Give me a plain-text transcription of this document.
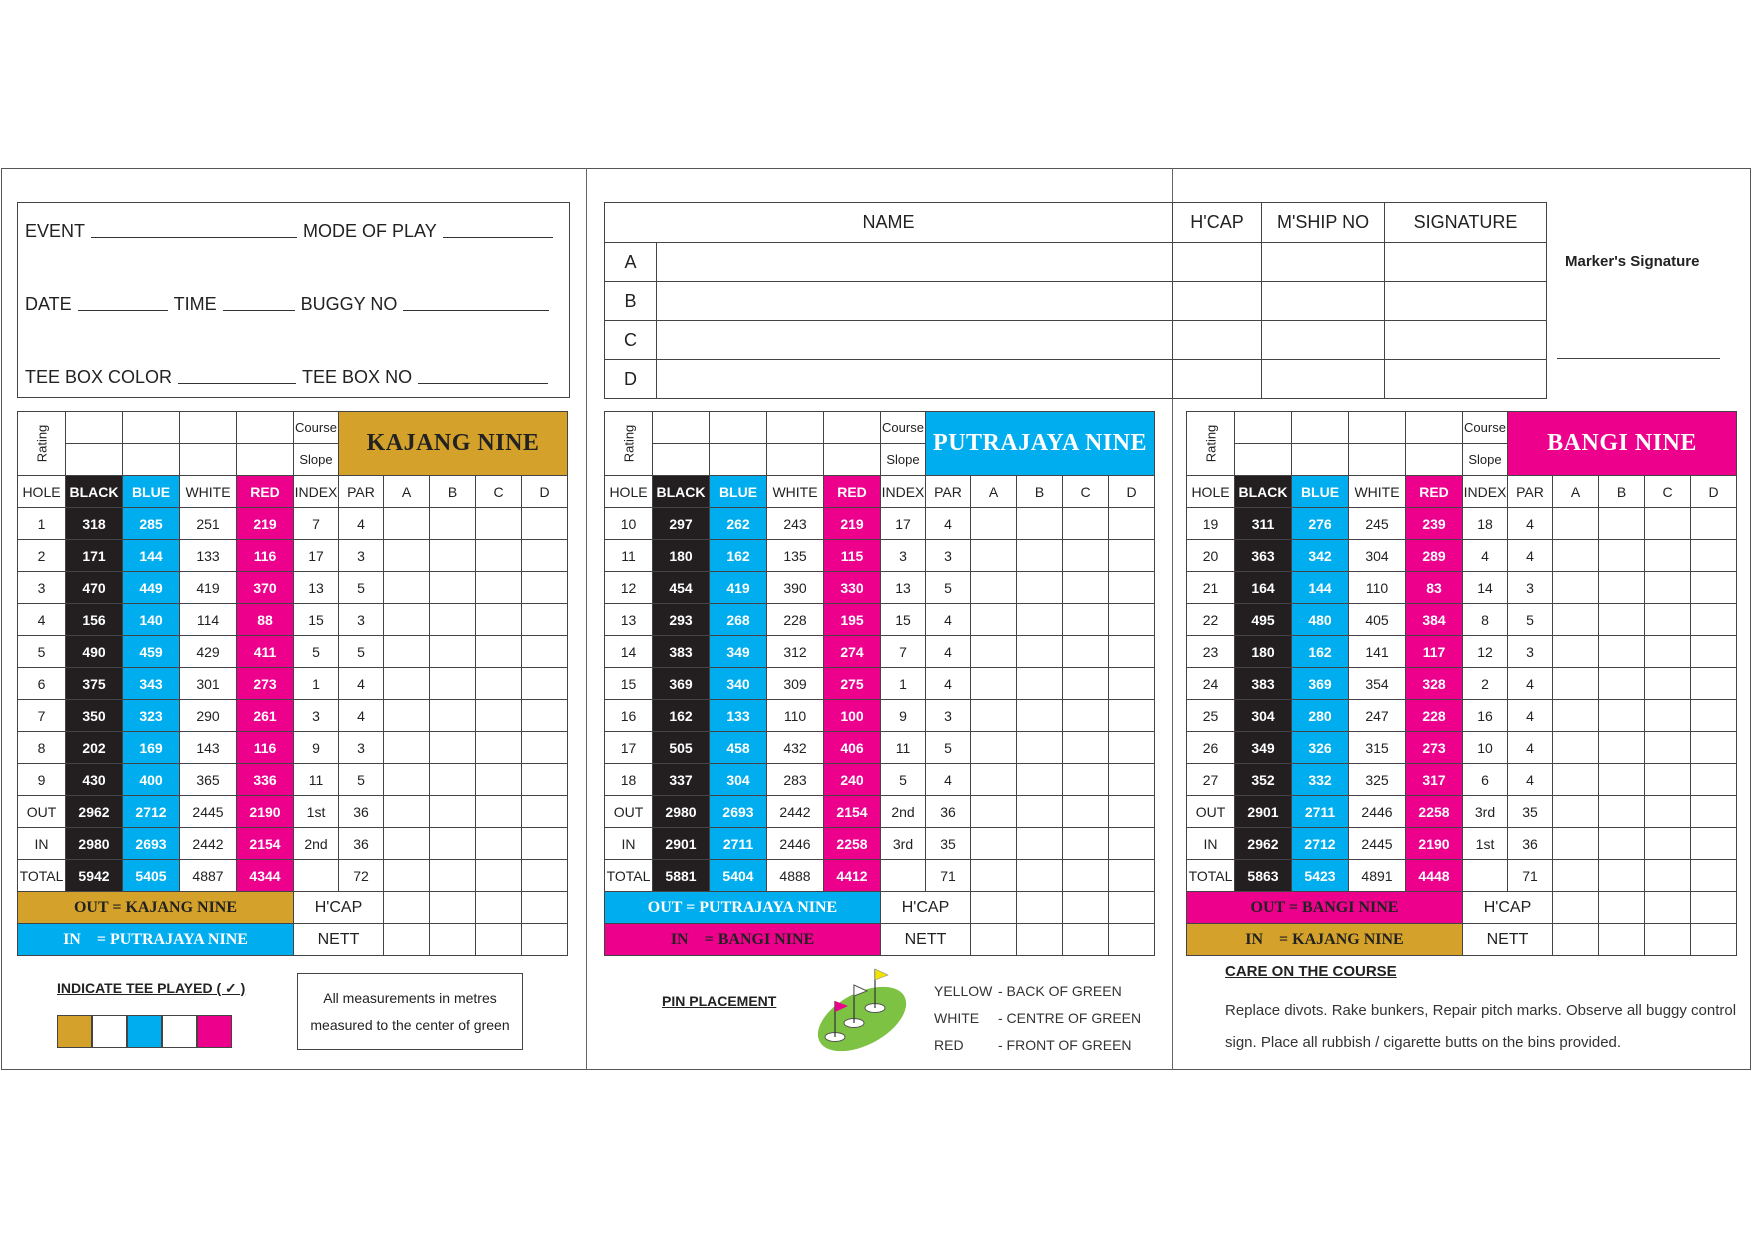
EVENT	MODE OF PLAY
DATE	TIME	BUGGY NO
TEE BOX COLOR	TEE BOX NO
NAME		H'CAP	M'SHIP NO	SIGNATURE
A				
B				
C				
D				
Marker's Signature
Rating					Course	KAJANG NINE				
					Slope					
HOLE	BLACK	BLUE	WHITE	RED	INDEX	PAR	A	B	C	D
1	318	285	251	219	7	4				
2	171	144	133	116	17	3				
3	470	449	419	370	13	5				
4	156	140	114	88	15	3				
5	490	459	429	411	5	5				
6	375	343	301	273	1	4				
7	350	323	290	261	3	4				
8	202	169	143	116	9	3				
9	430	400	365	336	11	5				
OUT	2962	2712	2445	2190	1st	36				
IN	2980	2693	2442	2154	2nd	36				
TOTAL	5942	5405	4887	4344		72				
OUT = KAJANG NINE					H'CAP					
IN    = PUTRAJAYA NINE					NETT					
Rating					Course	PUTRAJAYA NINE				
					Slope					
HOLE	BLACK	BLUE	WHITE	RED	INDEX	PAR	A	B	C	D
10	297	262	243	219	17	4				
11	180	162	135	115	3	3				
12	454	419	390	330	13	5				
13	293	268	228	195	15	4				
14	383	349	312	274	7	4				
15	369	340	309	275	1	4				
16	162	133	110	100	9	3				
17	505	458	432	406	11	5				
18	337	304	283	240	5	4				
OUT	2980	2693	2442	2154	2nd	36				
IN	2901	2711	2446	2258	3rd	35				
TOTAL	5881	5404	4888	4412		71				
OUT = PUTRAJAYA NINE					H'CAP					
IN    = BANGI NINE					NETT					
Rating					Course	BANGI NINE				
					Slope					
HOLE	BLACK	BLUE	WHITE	RED	INDEX	PAR	A	B	C	D
19	311	276	245	239	18	4				
20	363	342	304	289	4	4				
21	164	144	110	83	14	3				
22	495	480	405	384	8	5				
23	180	162	141	117	12	3				
24	383	369	354	328	2	4				
25	304	280	247	228	16	4				
26	349	326	315	273	10	4				
27	352	332	325	317	6	4				
OUT	2901	2711	2446	2258	3rd	35				
IN	2962	2712	2445	2190	1st	36				
TOTAL	5863	5423	4891	4448		71				
OUT = BANGI NINE					H'CAP					
IN    = KAJANG NINE					NETT					
INDICATE TEE PLAYED ( ✓ )
All measurements in metres
measured to the center of green
PIN PLACEMENT
YELLOW - BACK OF GREEN
WHITE - CENTRE OF GREEN
RED - FRONT OF GREEN
CARE ON THE COURSE
Replace divots. Rake bunkers, Repair pitch marks. Observe all buggy control sign. Place all rubbish / cigarette butts on the bins provided.
